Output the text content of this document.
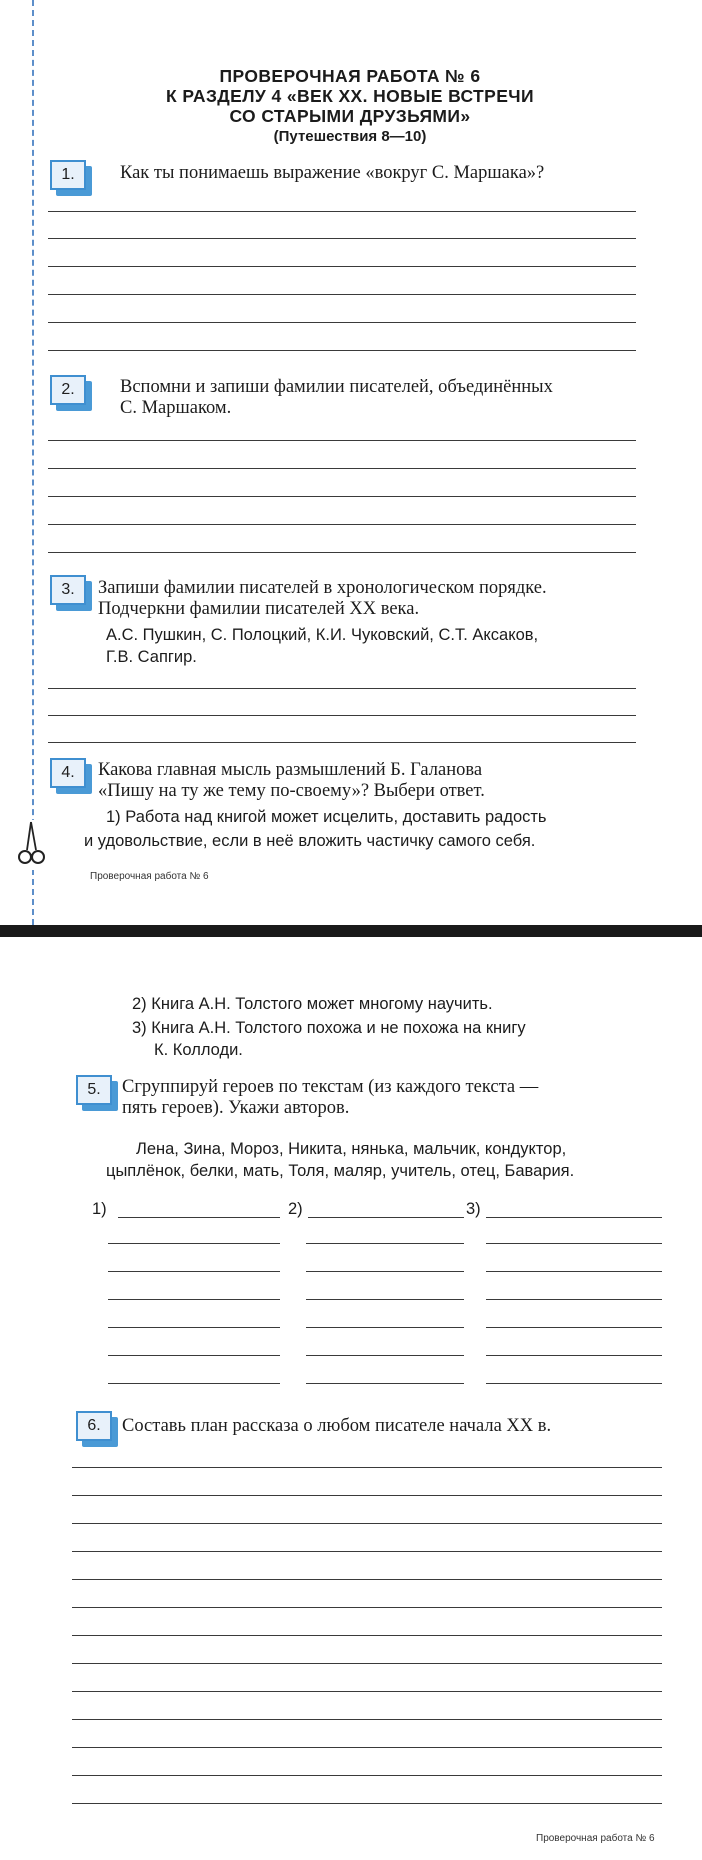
ПРОВЕРОЧНАЯ РАБОТА № 6
К РАЗДЕЛУ 4 «ВЕК XX. НОВЫЕ ВСТРЕЧИ
СО СТАРЫМИ ДРУЗЬЯМИ»
(Путешествия 8—10)
1.	Как ты понимаешь выражение «вокруг С. Маршака»?
2.	Вспомни и запиши фамилии писателей, объединённых
С. Маршаком.
3.	Запиши фамилии писателей в хронологическом порядке.
Подчеркни фамилии писателей XX века.
А.С. Пушкин, С. Полоцкий, К.И. Чуковский, С.Т. Аксаков,
Г.В. Сапгир.
4.	Какова главная мысль размышлений Б. Галанова
«Пишу на ту же тему по-своему»? Выбери ответ.
1) Работа над книгой может исцелить, доставить радость
и удовольствие, если в неё вложить частичку самого себя.
Проверочная работа № 6
2) Книга А.Н. Толстого может многому научить.
3) Книга А.Н. Толстого похожа и не похожа на книгу
К. Коллоди.
5.	Сгруппируй героев по текстам (из каждого текста —
пять героев). Укажи авторов.
Лена, Зина, Мороз, Никита, нянька, мальчик, кондуктор,
цыплёнок, белки, мать, Толя, маляр, учитель, отец, Бавария.
1)	2)	3)
6.	Составь план рассказа о любом писателе начала XX в.
Проверочная работа № 6
